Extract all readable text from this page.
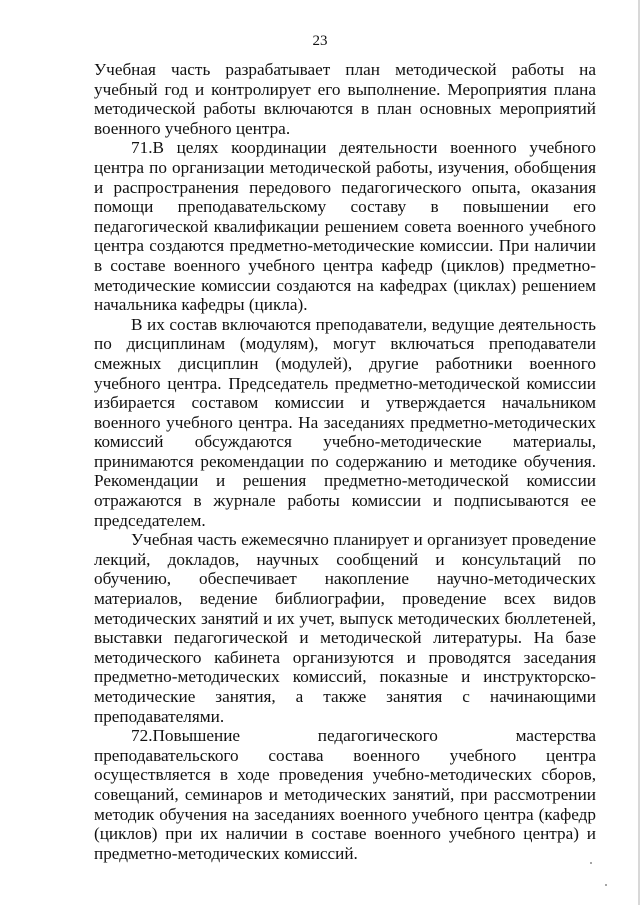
23

Учебная часть разрабатывает план методической работы на учебный год и контролирует его выполнение. Мероприятия плана методической работы включаются в план основных мероприятий военного учебного центра.

71.В целях координации деятельности военного учебного центра по организации методической работы, изучения, обобщения и распространения передового педагогического опыта, оказания помощи преподавательскому составу в повышении его педагогической квалификации решением совета военного учебного центра создаются предметно-методические комиссии. При наличии в составе военного учебного центра кафедр (циклов) предметно-методические комиссии создаются на кафедрах (циклах) решением начальника кафедры (цикла).

В их состав включаются преподаватели, ведущие деятельность по дисциплинам (модулям), могут включаться преподаватели смежных дисциплин (модулей), другие работники военного учебного центра. Председатель предметно-методической комиссии избирается составом комиссии и утверждается начальником военного учебного центра. На заседаниях предметно-методических комиссий обсуждаются учебно-методические материалы, принимаются рекомендации по содержанию и методике обучения. Рекомендации и решения предметно-методической комиссии отражаются в журнале работы комиссии и подписываются ее председателем.

Учебная часть ежемесячно планирует и организует проведение лекций, докладов, научных сообщений и консультаций по обучению, обеспечивает накопление научно-методических материалов, ведение библиографии, проведение всех видов методических занятий и их учет, выпуск методических бюллетеней, выставки педагогической и методической литературы. На базе методического кабинета организуются и проводятся заседания предметно-методических комиссий, показные и инструкторско-методические занятия, а также занятия с начинающими преподавателями.

72.Повышение педагогического мастерства преподавательского состава военного учебного центра осуществляется в ходе проведения учебно-методических сборов, совещаний, семинаров и методических занятий, при рассмотрении методик обучения на заседаниях военного учебного центра (кафедр (циклов) при их наличии в составе военного учебного центра) и предметно-методических комиссий.
